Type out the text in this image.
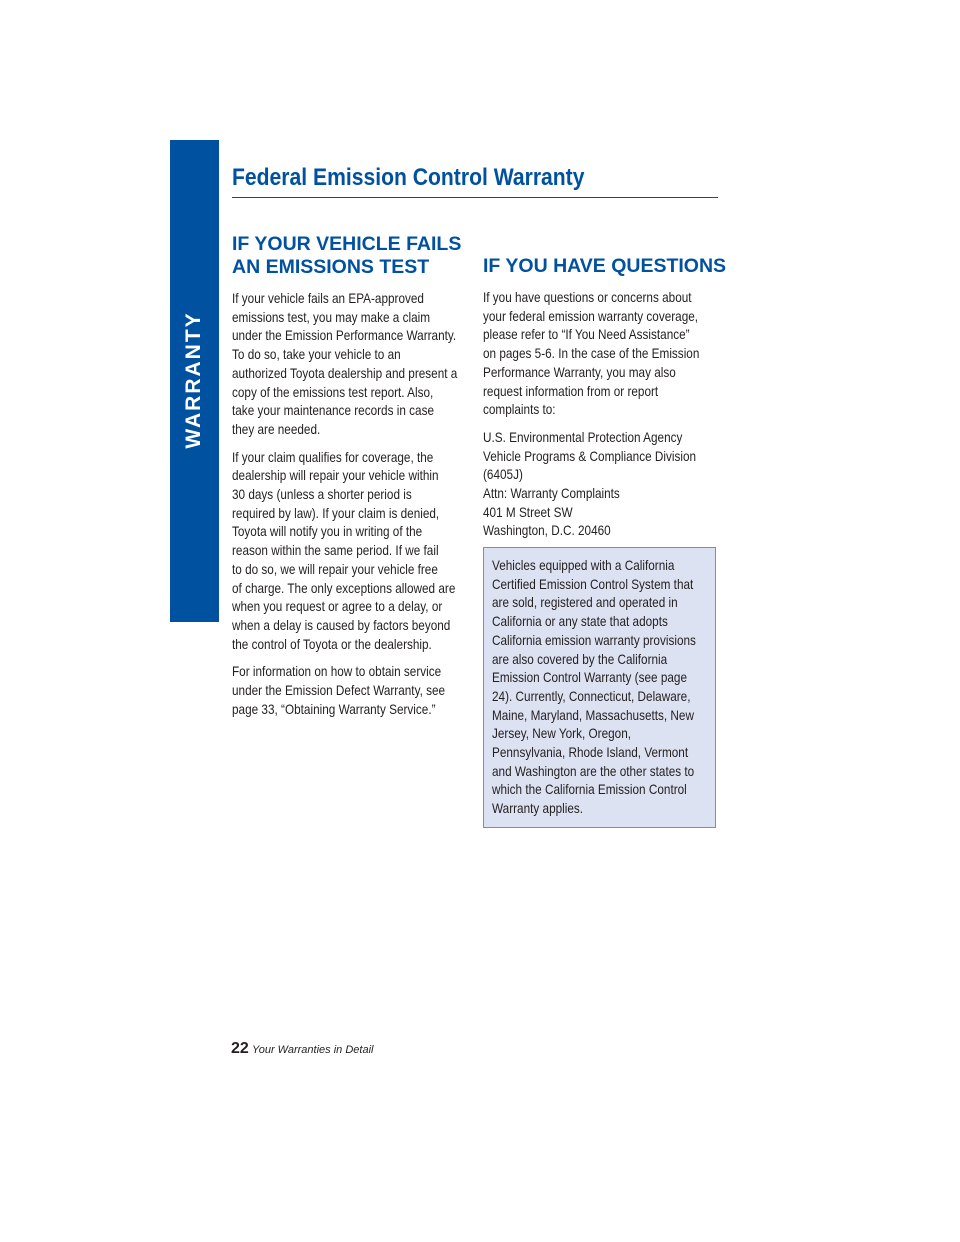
WARRANTY
Federal Emission Control Warranty
IF YOUR VEHICLE FAILS
AN EMISSIONS TEST

If your vehicle fails an EPA-approved
emissions test, you may make a claim
under the Emission Performance Warranty.
To do so, take your vehicle to an
authorized Toyota dealership and present a
copy of the emissions test report. Also,
take your maintenance records in case
they are needed.

If your claim qualifies for coverage, the
dealership will repair your vehicle within
30 days (unless a shorter period is
required by law). If your claim is denied,
Toyota will notify you in writing of the
reason within the same period. If we fail
to do so, we will repair your vehicle free
of charge. The only exceptions allowed are
when you request or agree to a delay, or
when a delay is caused by factors beyond
the control of Toyota or the dealership.

For information on how to obtain service
under the Emission Defect Warranty, see
page 33, “Obtaining Warranty Service.”

IF YOU HAVE QUESTIONS

If you have questions or concerns about
your federal emission warranty coverage,
please refer to “If You Need Assistance”
on pages 5-6. In the case of the Emission
Performance Warranty, you may also
request information from or report
complaints to:

U.S. Environmental Protection Agency
Vehicle Programs & Compliance Division
(6405J)
Attn: Warranty Complaints
401 M Street SW
Washington, D.C. 20460

Vehicles equipped with a California
Certified Emission Control System that
are sold, registered and operated in
California or any state that adopts
California emission warranty provisions
are also covered by the California
Emission Control Warranty (see page
24). Currently, Connecticut, Delaware,
Maine, Maryland, Massachusetts, New
Jersey, New York, Oregon,
Pennsylvania, Rhode Island, Vermont
and Washington are the other states to
which the California Emission Control
Warranty applies.
22 Your Warranties in Detail
